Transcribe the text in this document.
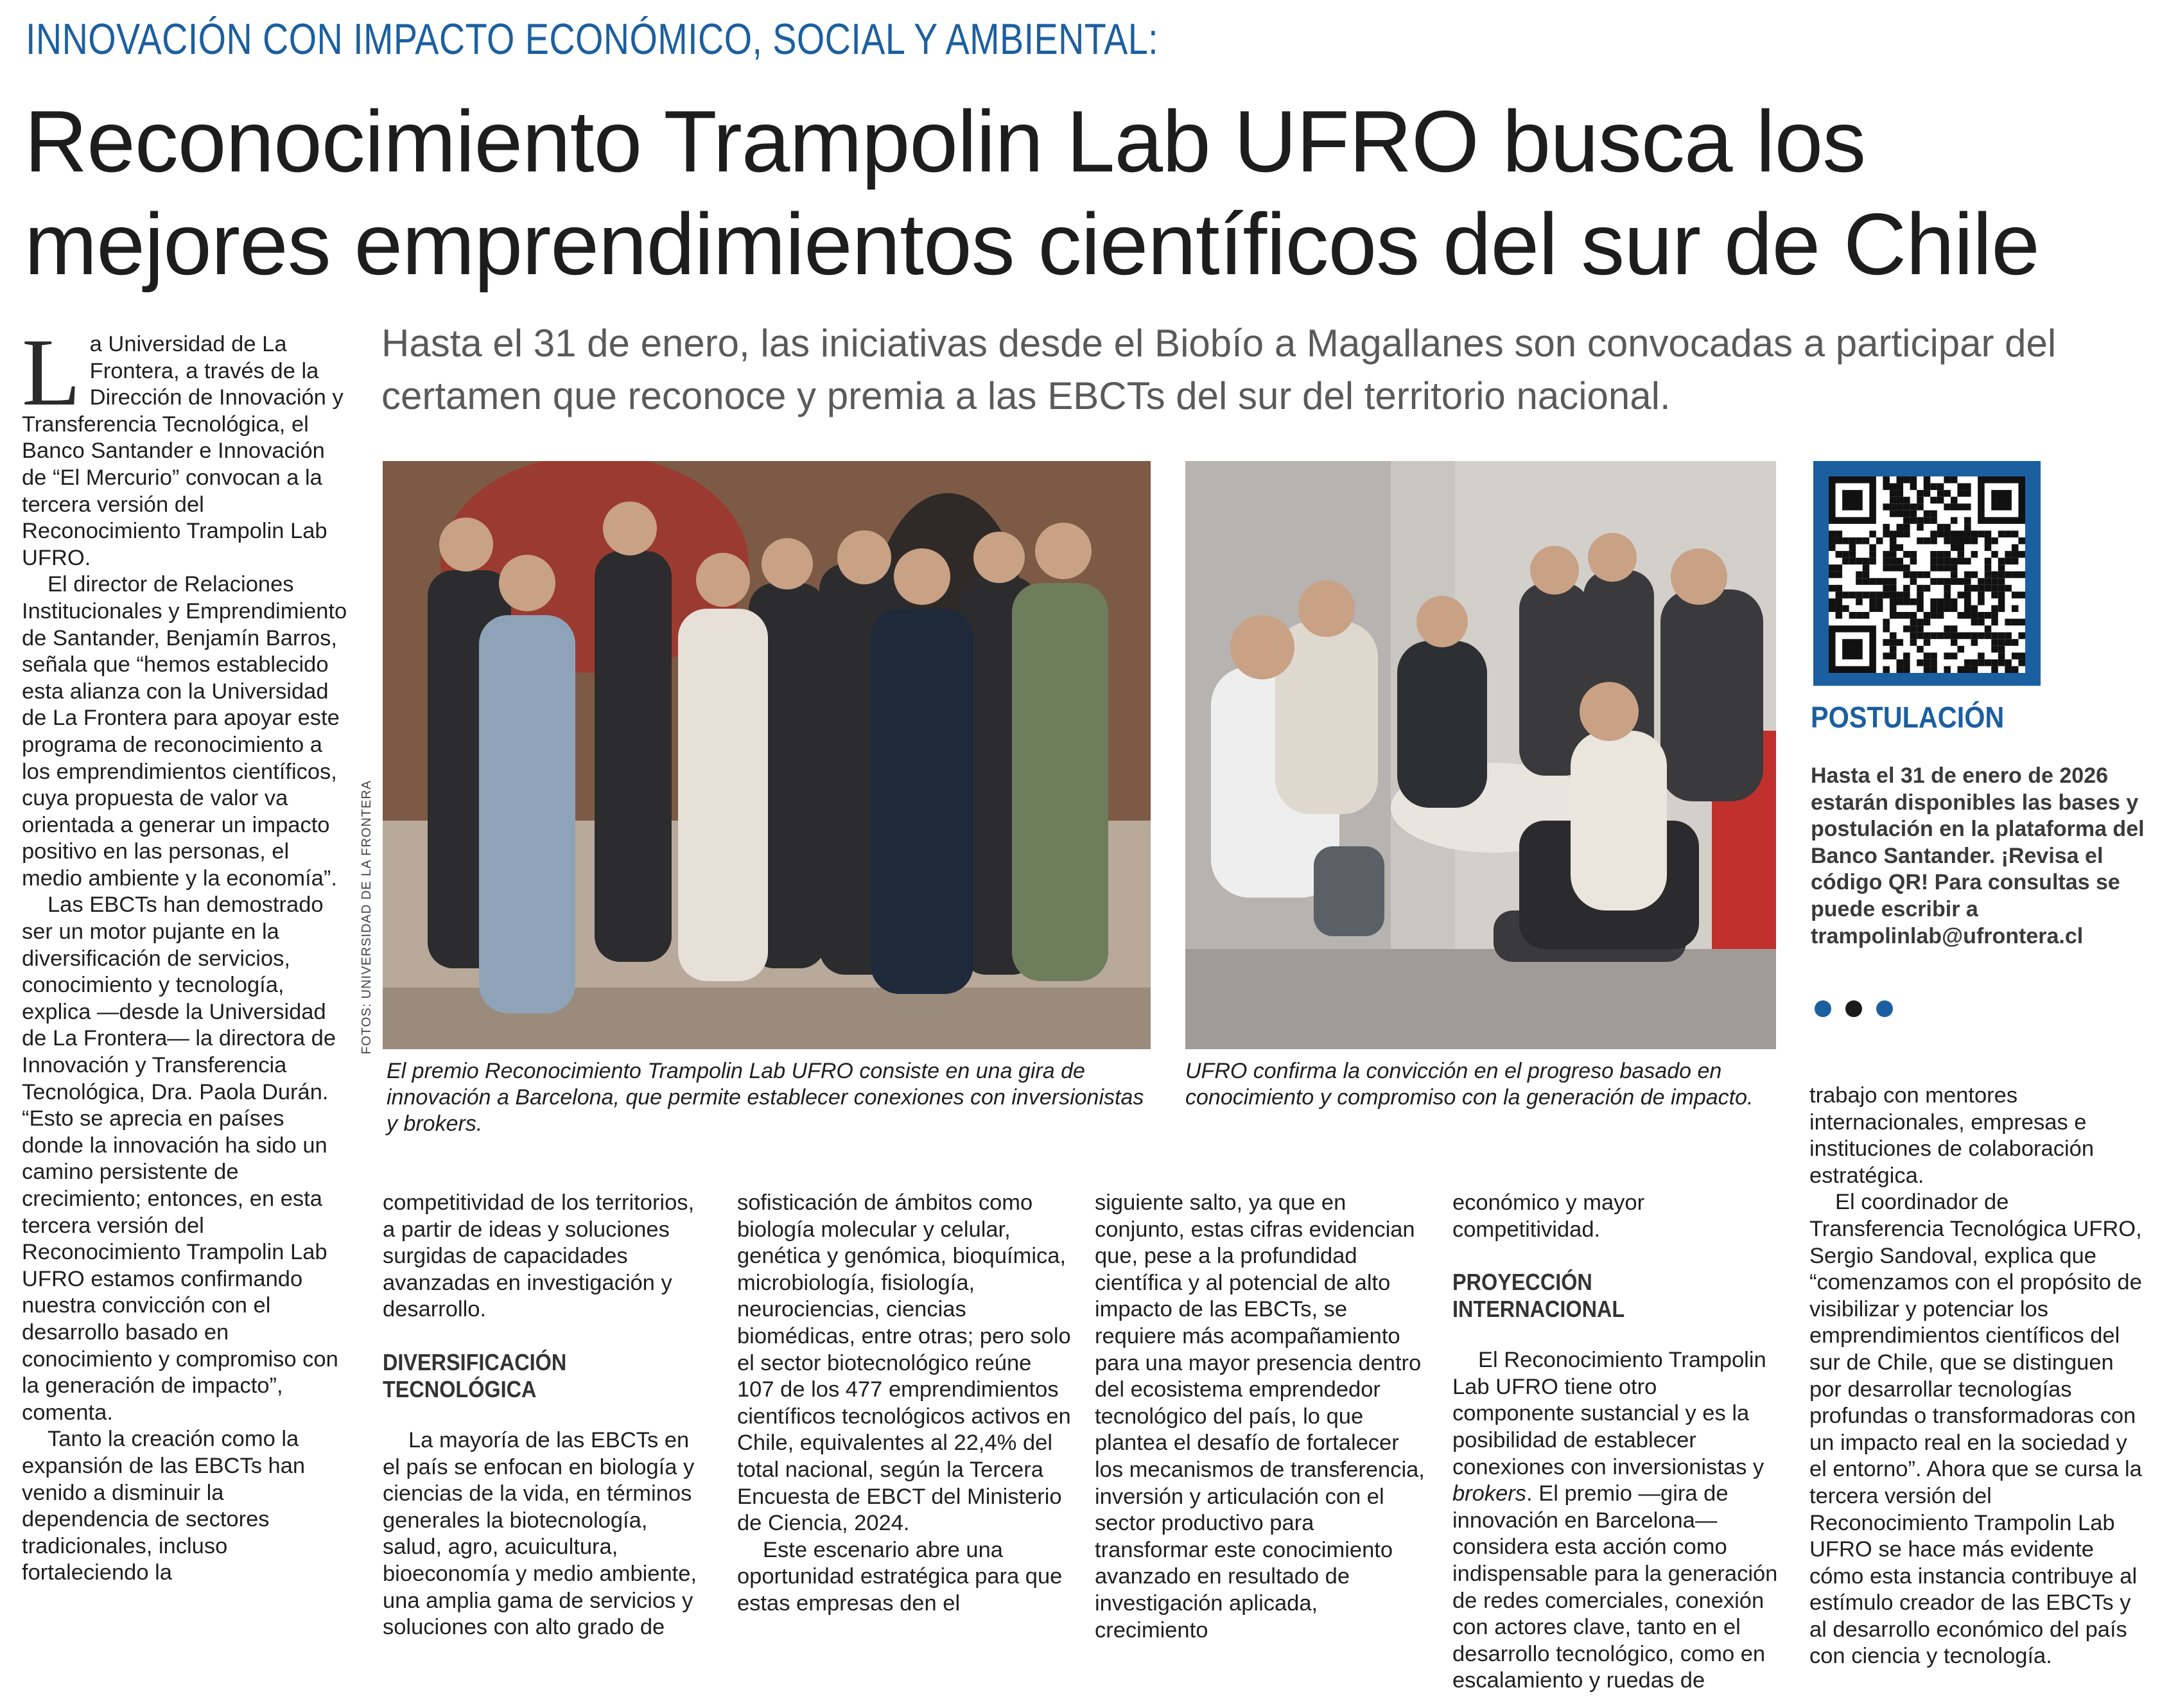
INNOVACIÓN CON IMPACTO ECONÓMICO, SOCIAL Y AMBIENTAL:
Reconocimiento Trampolin Lab UFRO busca los mejores emprendimientos científicos del sur de Chile
Hasta el 31 de enero, las iniciativas desde el Biobío a Magallanes son convocadas a participar del certamen que reconoce y premia a las EBCTs del sur del territorio nacional.

La Universidad de La Frontera, a través de la Dirección de Innovación y Transferencia Tecnológica, el Banco Santander e Innovación de “El Mercurio” convocan a la tercera versión del Reconocimiento Trampolin Lab UFRO.

El director de Relaciones Institucionales y Emprendimiento de Santander, Benjamín Barros, señala que “hemos establecido esta alianza con la Universidad de La Frontera para apoyar este programa de reconocimiento a los emprendimientos científicos, cuya propuesta de valor va orientada a generar un impacto positivo en las personas, el medio ambiente y la economía”.

Las EBCTs han demostrado ser un motor pujante en la diversificación de servicios, conocimiento y tecnología, explica —desde la Universidad de La Frontera— la directora de Innovación y Transferencia Tecnológica, Dra. Paola Durán. “Esto se aprecia en países donde la innovación ha sido un camino persistente de crecimiento; entonces, en esta tercera versión del Reconocimiento Trampolin Lab UFRO estamos confirmando nuestra convicción con el desarrollo basado en conocimiento y compromiso con la generación de impacto”, comenta.

Tanto la creación como la expansión de las EBCTs han venido a disminuir la dependencia de sectores tradicionales, incluso fortaleciendo la

FOTOS: UNIVERSIDAD DE LA FRONTERA
El premio Reconocimiento Trampolin Lab UFRO consiste en una gira de innovación a Barcelona, que permite establecer conexiones con inversionistas y brokers.
UFRO confirma la convicción en el progreso basado en conocimiento y compromiso con la generación de impacto.

competitividad de los territorios, a partir de ideas y soluciones surgidas de capacidades avanzadas en investigación y desarrollo.

DIVERSIFICACIÓN TECNOLÓGICA

La mayoría de las EBCTs en el país se enfocan en biología y ciencias de la vida, en términos generales la biotecnología, salud, agro, acuicultura, bioeconomía y medio ambiente, una amplia gama de servicios y soluciones con alto grado de

sofisticación de ámbitos como biología molecular y celular, genética y genómica, bioquímica, microbiología, fisiología, neurociencias, ciencias biomédicas, entre otras; pero solo el sector biotecnológico reúne 107 de los 477 emprendimientos científicos tecnológicos activos en Chile, equivalentes al 22,4% del total nacional, según la Tercera Encuesta de EBCT del Ministerio de Ciencia, 2024.

Este escenario abre una oportunidad estratégica para que estas empresas den el

siguiente salto, ya que en conjunto, estas cifras evidencian que, pese a la profundidad científica y al potencial de alto impacto de las EBCTs, se requiere más acompañamiento para una mayor presencia dentro del ecosistema emprendedor tecnológico del país, lo que plantea el desafío de fortalecer los mecanismos de transferencia, inversión y articulación con el sector productivo para transformar este conocimiento avanzado en resultado de investigación aplicada, crecimiento

económico y mayor competitividad.

PROYECCIÓN INTERNACIONAL

El Reconocimiento Trampolin Lab UFRO tiene otro componente sustancial y es la posibilidad de establecer conexiones con inversionistas y brokers. El premio —gira de innovación en Barcelona— considera esta acción como indispensable para la generación de redes comerciales, conexión con actores clave, tanto en el desarrollo tecnológico, como en escalamiento y ruedas de

POSTULACIÓN
Hasta el 31 de enero de 2026 estarán disponibles las bases y postulación en la plataforma del Banco Santander. ¡Revisa el código QR! Para consultas se puede escribir a trampolinlab@ufrontera.cl

trabajo con mentores internacionales, empresas e instituciones de colaboración estratégica.

El coordinador de Transferencia Tecnológica UFRO, Sergio Sandoval, explica que “comenzamos con el propósito de visibilizar y potenciar los emprendimientos científicos del sur de Chile, que se distinguen por desarrollar tecnologías profundas o transformadoras con un impacto real en la sociedad y el entorno”. Ahora que se cursa la tercera versión del Reconocimiento Trampolin Lab UFRO se hace más evidente cómo esta instancia contribuye al estímulo creador de las EBCTs y al desarrollo económico del país con ciencia y tecnología.
